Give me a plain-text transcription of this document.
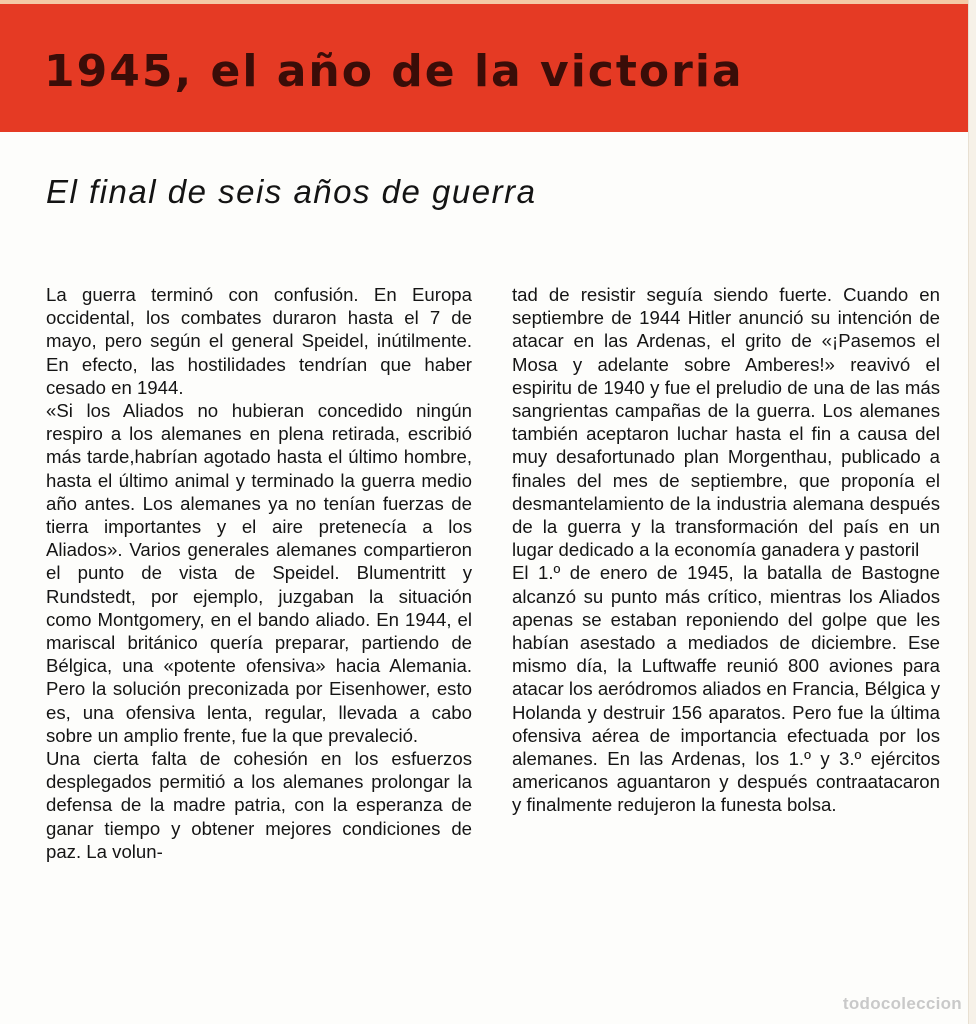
1945, el año de la victoria
El final de seis años de guerra

La guerra terminó con confusión. En Europa occidental, los combates duraron hasta el 7 de mayo, pero según el general Speidel, inútilmente. En efecto, las hostilidades tendrían que haber cesado en 1944.

«Si los Aliados no hubieran concedido ningún respiro a los alemanes en plena retirada, escribió más tarde,habrían agotado hasta el último hombre, hasta el último animal y terminado la guerra medio año antes. Los alemanes ya no tenían fuerzas de tierra importantes y el aire pretenecía a los Aliados». Varios generales alemanes compartieron el punto de vista de Speidel. Blumentritt y Rundstedt, por ejemplo, juzgaban la situación como Montgomery, en el bando aliado. En 1944, el mariscal británico quería preparar, partiendo de Bélgica, una «potente ofensiva» hacia Alemania. Pero la solución preconizada por Eisenhower, esto es, una ofensiva lenta, regular, llevada a cabo sobre un amplio frente, fue la que prevaleció.

Una cierta falta de cohesión en los esfuerzos desplegados permitió a los alemanes prolongar la defensa de la madre patria, con la esperanza de ganar tiempo y obtener mejores condiciones de paz. La volun-

tad de resistir seguía siendo fuerte. Cuando en septiembre de 1944 Hitler anunció su intención de atacar en las Ardenas, el grito de «¡Pasemos el Mosa y adelante sobre Amberes!» reavivó el espiritu de 1940 y fue el preludio de una de las más sangrientas campañas de la guerra. Los alemanes también aceptaron luchar hasta el fin a causa del muy desafortunado plan Morgenthau, publicado a finales del mes de septiembre, que proponía el desmantelamiento de la industria alemana después de la guerra y la transformación del país en un lugar dedicado a la economía ganadera y pastoril

El 1.º de enero de 1945, la batalla de Bastogne alcanzó su punto más crítico, mientras los Aliados apenas se estaban reponiendo del golpe que les habían asestado a mediados de diciembre. Ese mismo día, la Luftwaffe reunió 800 aviones para atacar los aeródromos aliados en Francia, Bélgica y Holanda y destruir 156 aparatos. Pero fue la última ofensiva aérea de importancia efectuada por los alemanes. En las Ardenas, los 1.º y 3.º ejércitos americanos aguantaron y después contraatacaron y finalmente redujeron la funesta bolsa.

todocoleccion
